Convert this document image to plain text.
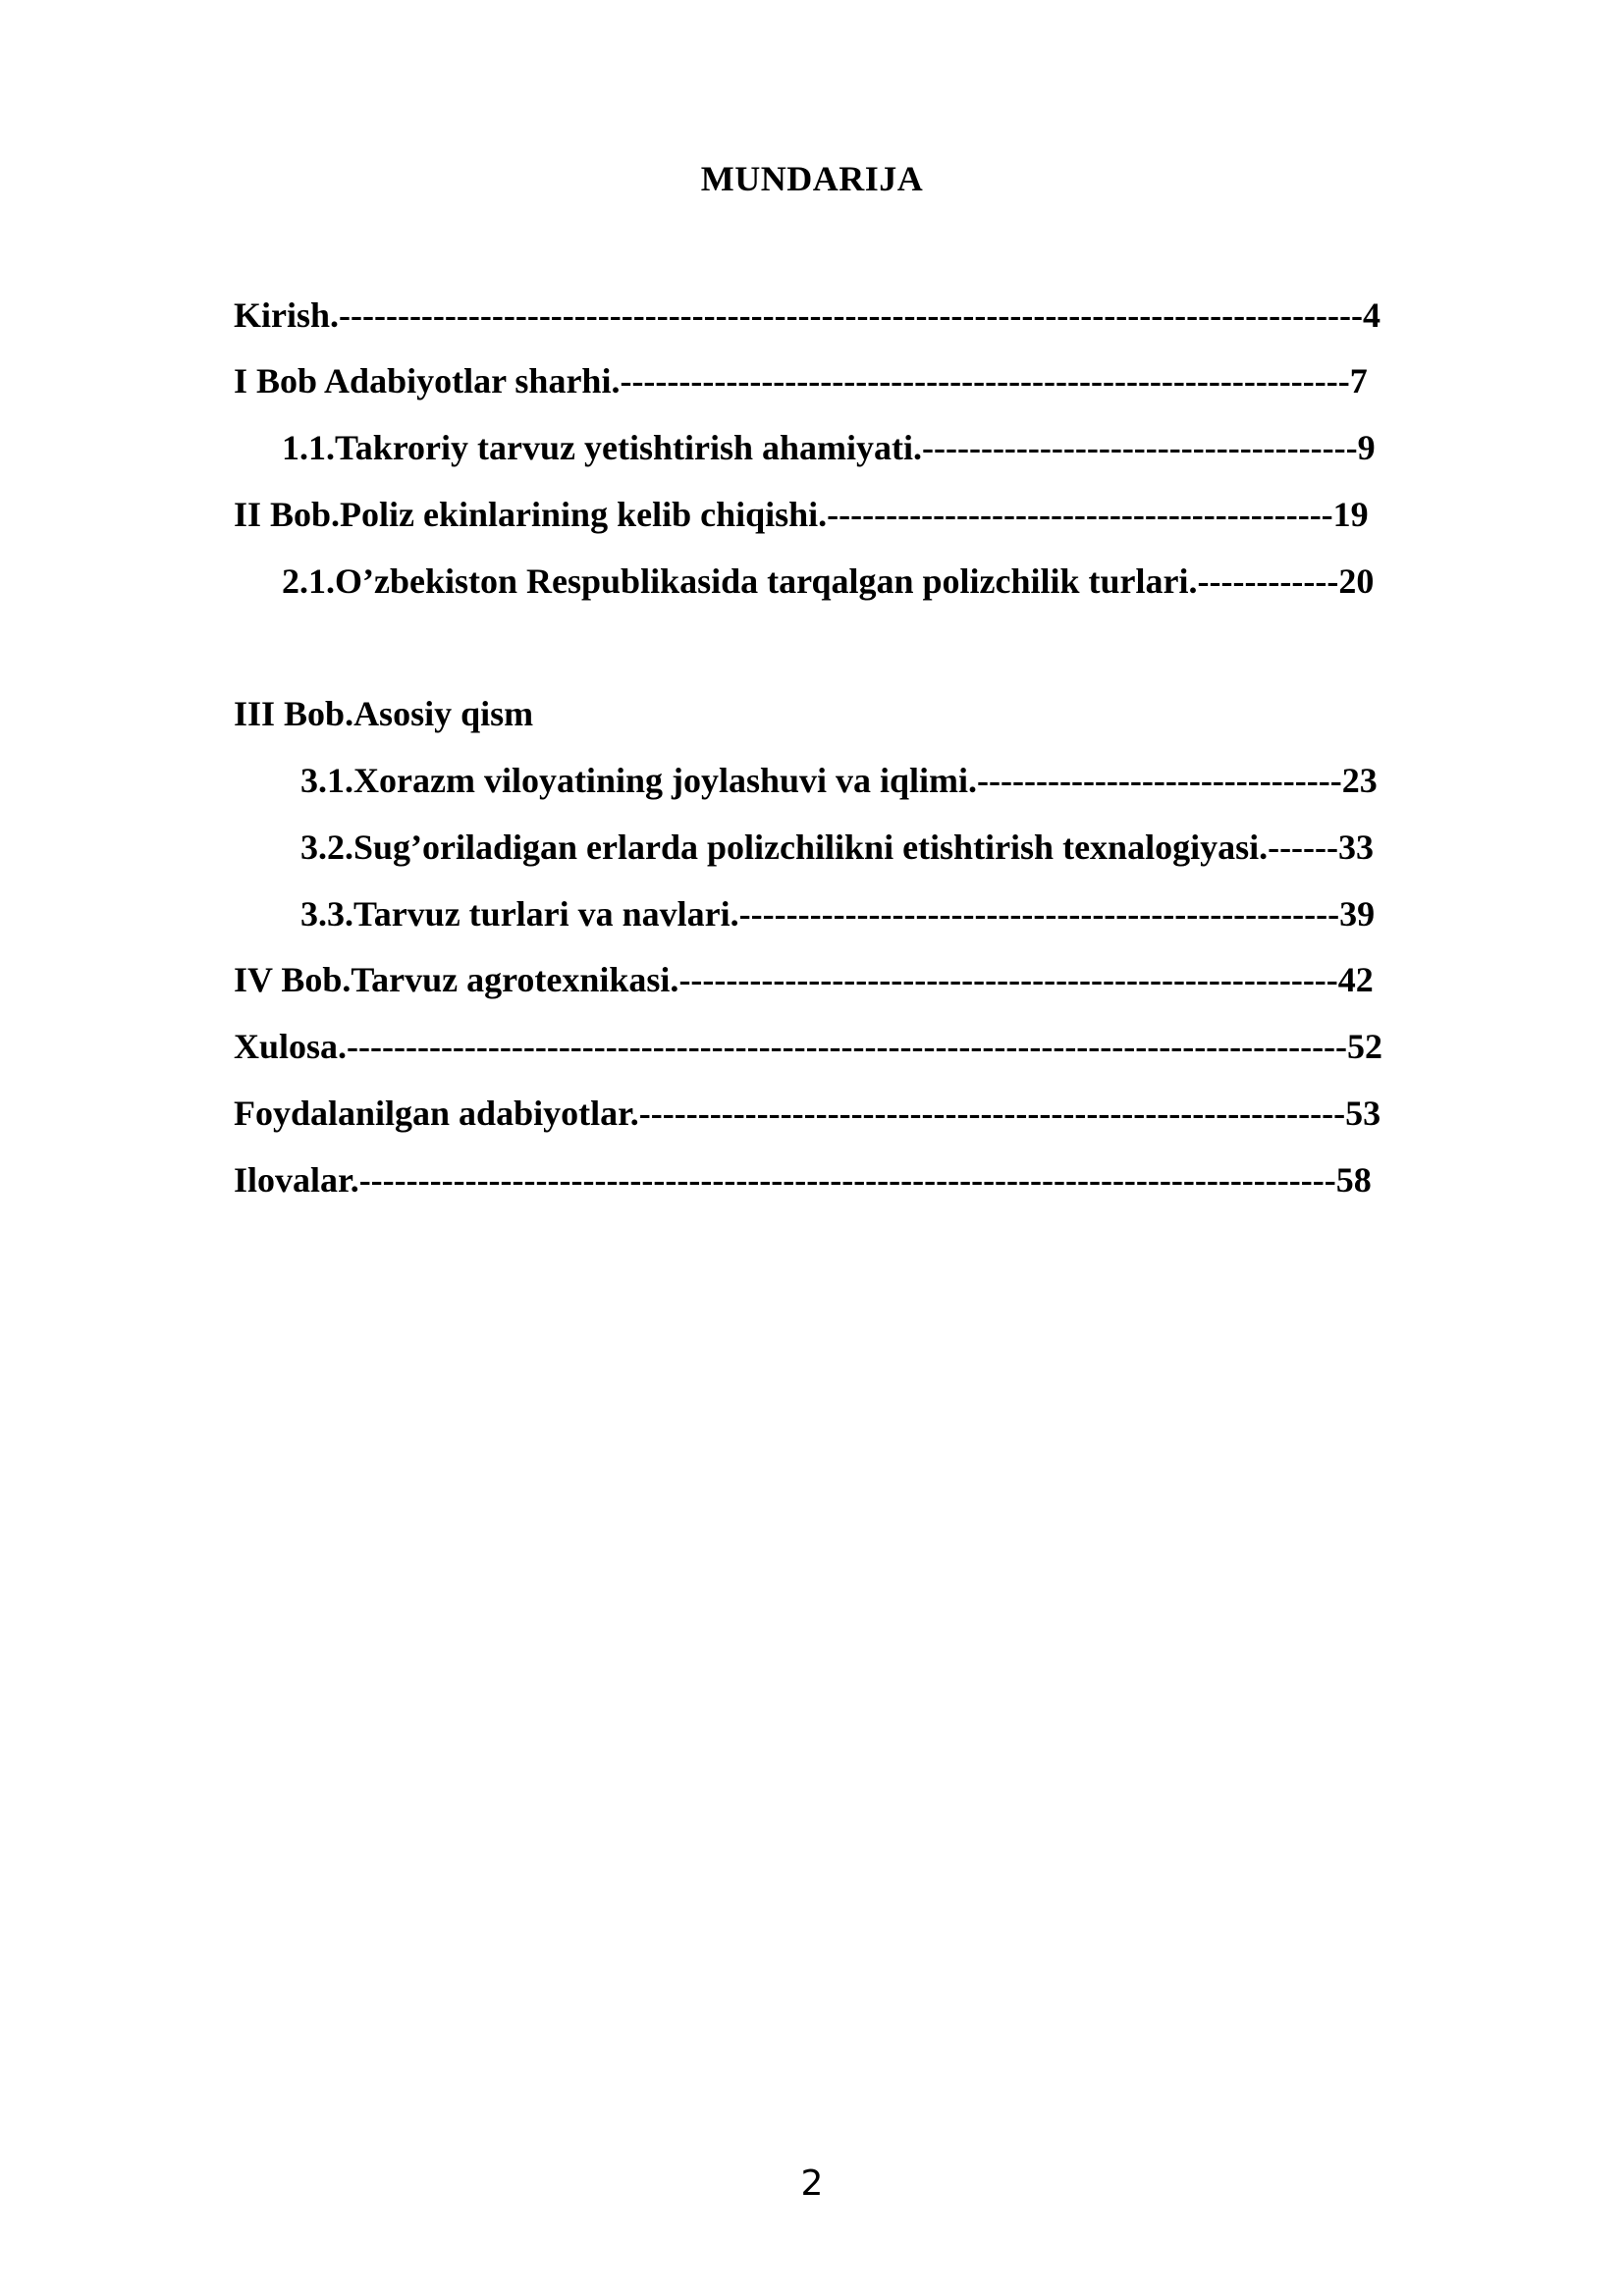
MUNDARIJA
Kirish.---------------------------------------------------------------------------------------4
I Bob Adabiyotlar sharhi.--------------------------------------------------------------7
1.1.Takroriy tarvuz yetishtirish ahamiyati.-------------------------------------9
II Bob.Poliz ekinlarining kelib chiqishi.-------------------------------------------19
2.1.O’zbekiston Respublikasida tarqalgan polizchilik turlari.------------20
III Bob.Asosiy qism
3.1.Xorazm viloyatining joylashuvi va iqlimi.-------------------------------23
3.2.Sug’oriladigan erlarda polizchilikni etishtirish texnalogiyasi.------33
3.3.Tarvuz turlari va navlari.---------------------------------------------------39
IV Bob.Tarvuz agrotexnikasi.--------------------------------------------------------42
Xulosa.-------------------------------------------------------------------------------------52
Foydalanilgan adabiyotlar.------------------------------------------------------------53
Ilovalar.-----------------------------------------------------------------------------------58
2
